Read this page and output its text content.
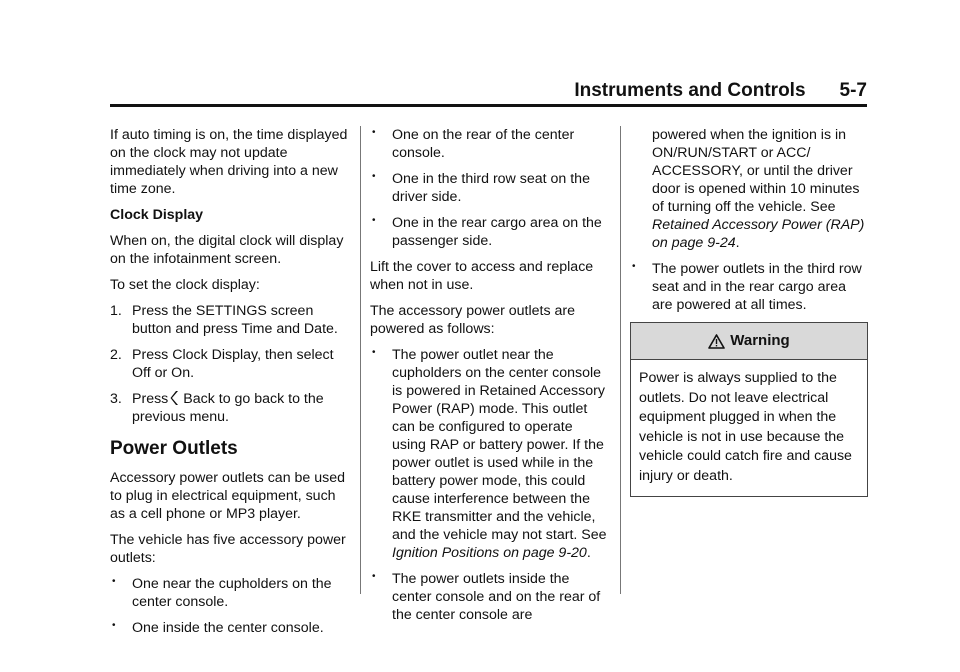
Instruments and Controls 5-7

If auto timing is on, the time displayed on the clock may not update immediately when driving into a new time zone.

Clock Display

When on, the digital clock will display on the infotainment screen.

To set the clock display:

1. Press the SETTINGS screen button and press Time and Date.
2. Press Clock Display, then select Off or On.
3. Press Back to go back to the previous menu.
Power Outlets

Accessory power outlets can be used to plug in electrical equipment, such as a cell phone or MP3 player.

The vehicle has five accessory power outlets:

•	One near the cupholders on the center console.
•	One inside the center console.
•	One on the rear of the center console.
•	One in the third row seat on the driver side.
•	One in the rear cargo area on the passenger side.

Lift the cover to access and replace when not in use.

The accessory power outlets are powered as follows:

•	The power outlet near the cupholders on the center console is powered in Retained Accessory Power (RAP) mode. This outlet can be configured to operate using RAP or battery power. If the power outlet is used while in the battery power mode, this could cause interference between the RKE transmitter and the vehicle, and the vehicle may not start. See Ignition Positions on page 9-20.
•	The power outlets inside the center console and on the rear of the center console are
powered when the ignition is in ON/RUN/START or ACC/ ACCESSORY, or until the driver door is opened within 10 minutes of turning off the vehicle. See Retained Accessory Power (RAP) on page 9-24.
•	The power outlets in the third row seat and in the rear cargo area are powered at all times.
Warning
Power is always supplied to the outlets. Do not leave electrical equipment plugged in when the vehicle is not in use because the vehicle could catch fire and cause injury or death.
